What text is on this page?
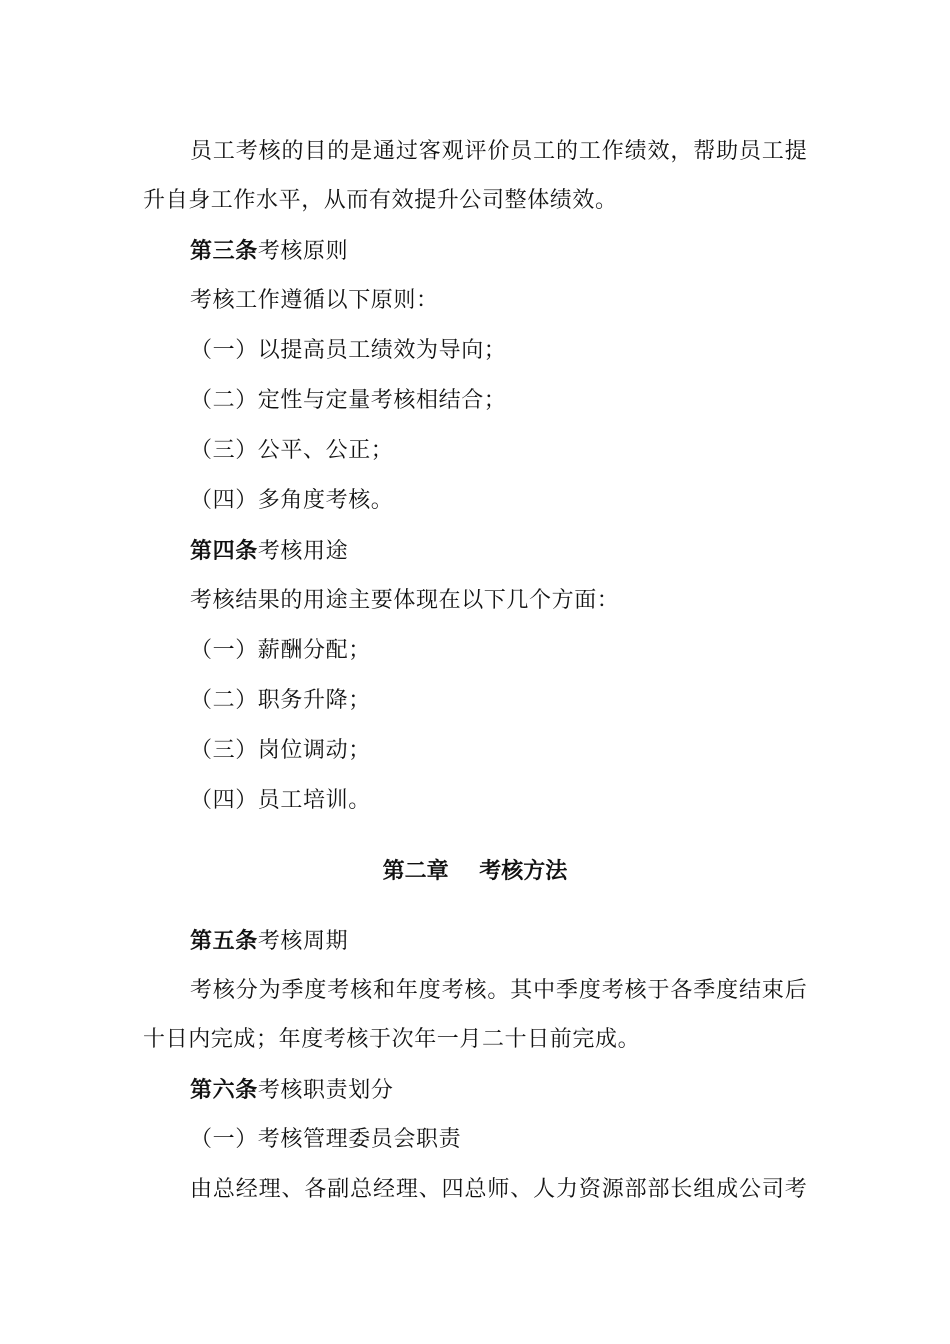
员 工 考 核 的 目 的 是 通 过 客 观 评 价 员 工 的 工 作 绩 效 ， 帮 助 员 工 提
升自身工作水平，从而有效提升公司整体绩效。
第三条考核原则
考核工作遵循以下原则：
（一）以提高员工绩效为导向；
（二）定性与定量考核相结合；
（三）公平、公正；
（四）多角度考核。
第四条考核用途
考核结果的用途主要体现在以下几个方面：
（一）薪酬分配；
（二）职务升降；
（三）岗位调动；
（四）员工培训。
第二章    考核方法
第五条考核周期
考 核 分 为 季 度 考 核 和 年 度 考 核 。 其 中 季 度 考 核 于 各 季 度 结 束 后
十日内完成；年度考核于次年一月二十日前完成。
第六条考核职责划分
（一）考核管理委员会职责
由 总 经 理 、 各 副 总 经 理 、 四 总 师 、 人 力 资 源 部 部 长 组 成 公 司 考
